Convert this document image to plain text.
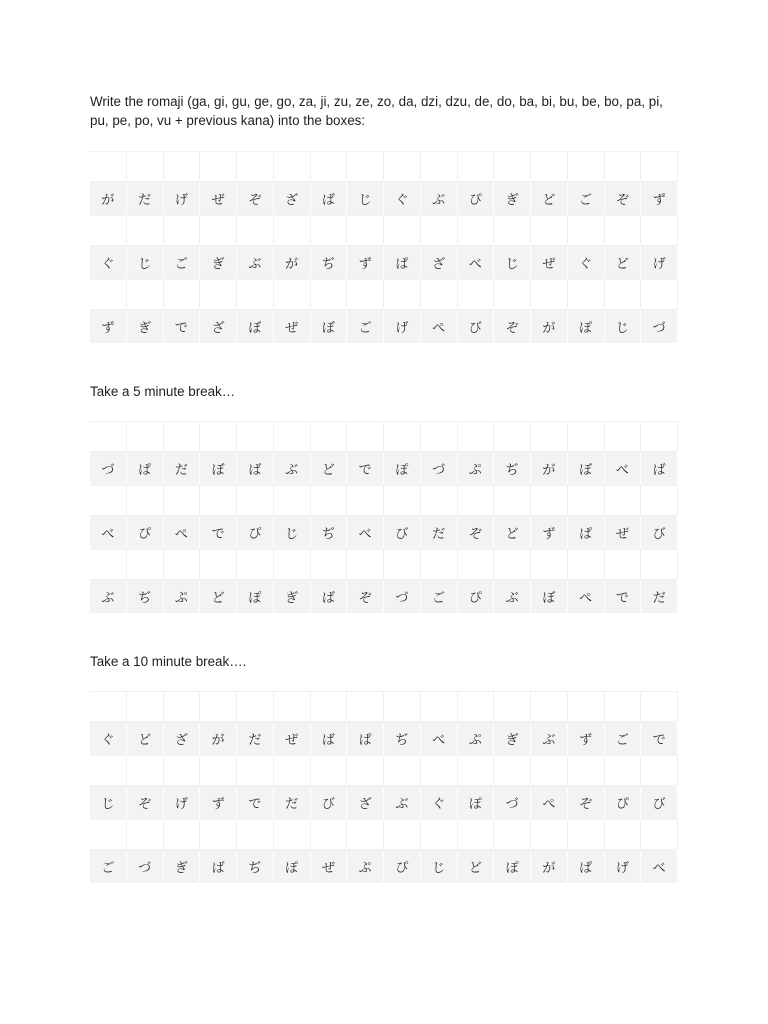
Write the romaji (ga, gi, gu, ge, go, za, ji, zu, ze, zo, da, dzi, dzu, de, do, ba, bi, bu, be, bo, pa, pi, pu, pe, po, vu + previous kana) into the boxes:
が	だ	げ	ぜ	ぞ	ざ	ば	じ	ぐ	ぶ	ぴ	ぎ	ど	ご	ぞ	ず
ぐ	じ	ご	ぎ	ぶ	が	ぢ	ず	ぱ	ざ	べ	じ	ぜ	ぐ	ど	げ
ず	ぎ	で	ざ	ぼ	ぜ	ぼ	ご	げ	ぺ	び	ぞ	が	ぽ	じ	づ
Take a 5 minute break…
づ	ぱ	だ	ぼ	ば	ぶ	ど	で	ぽ	づ	ぷ	ぢ	が	ぼ	べ	ば
べ	ぴ	ぺ	で	ぴ	じ	ぢ	べ	び	だ	ぞ	ど	ず	ぱ	ぜ	び
ぶ	ぢ	ぷ	ど	ぽ	ぎ	ば	ぞ	づ	ご	ぴ	ぶ	ぼ	ぺ	で	だ
Take a 10 minute break….
ぐ	ど	ざ	が	だ	ぜ	ば	ぱ	ぢ	べ	ぷ	ぎ	ぶ	ず	ご	で
じ	ぞ	げ	ず	で	だ	び	ざ	ぶ	ぐ	ぽ	づ	ぺ	ぞ	ぴ	び
ご	づ	ぎ	ば	ぢ	ぽ	ぜ	ぷ	ぴ	じ	ど	ぽ	が	ぱ	げ	べ
